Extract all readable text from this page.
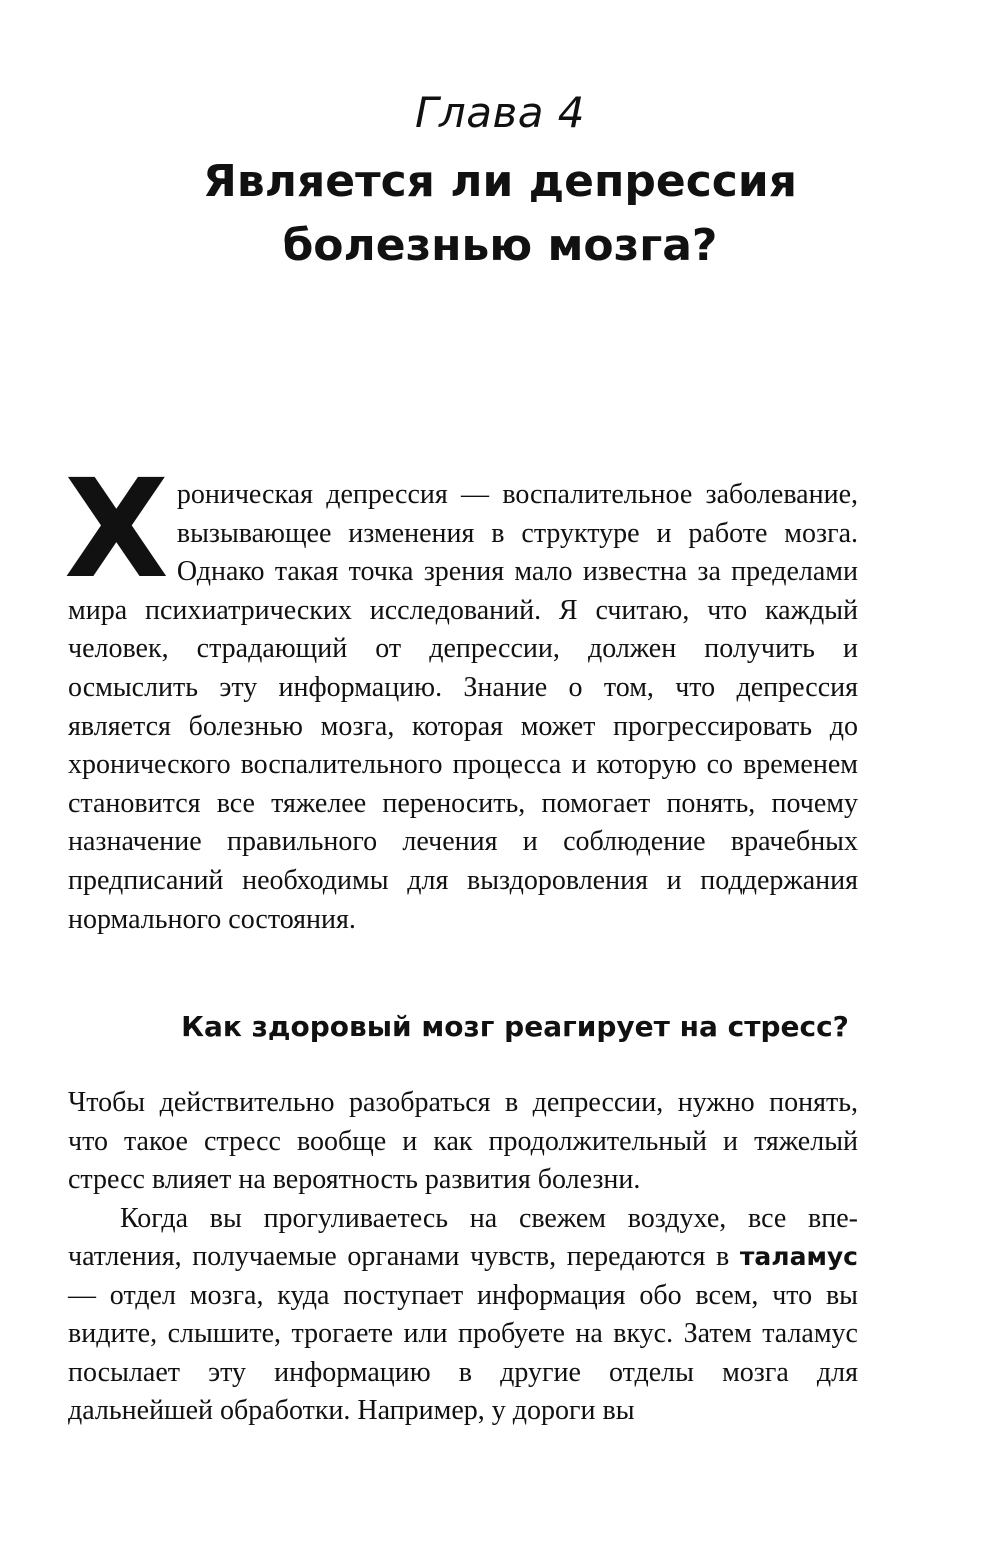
Глава 4
Является ли депрессия болезнью мозга?

Хроническая депрессия — воспалительное заболевание, вызывающее изменения в структуре и работе мозга. Однако такая точка зрения мало известна за пределами мира психиатрических исследований. Я считаю, что каждый человек, страдающий от депрессии, должен получить и осмыслить эту информацию. Знание о том, что депрессия является болезнью мозга, которая может прогрессировать до хронического воспалительного процесса и которую со временем становится все тяжелее переносить, помогает понять, почему назначение правильного лечения и соблюдение врачебных предписаний необходимы для выздоровления и поддержания нормального состояния.

Как здоровый мозг реагирует на стресс?

Чтобы действительно разобраться в депрессии, нужно понять, что такое стресс вообще и как продолжительный и тяжелый стресс влияет на вероятность развития болезни.

Когда вы прогуливаетесь на свежем воздухе, все впечатления, получаемые органами чувств, передаются в таламус — отдел мозга, куда поступает информация обо всем, что вы видите, слышите, трогаете или пробуете на вкус. Затем таламус посылает эту информацию в другие отделы мозга для дальнейшей обработки. Например, у дороги вы
